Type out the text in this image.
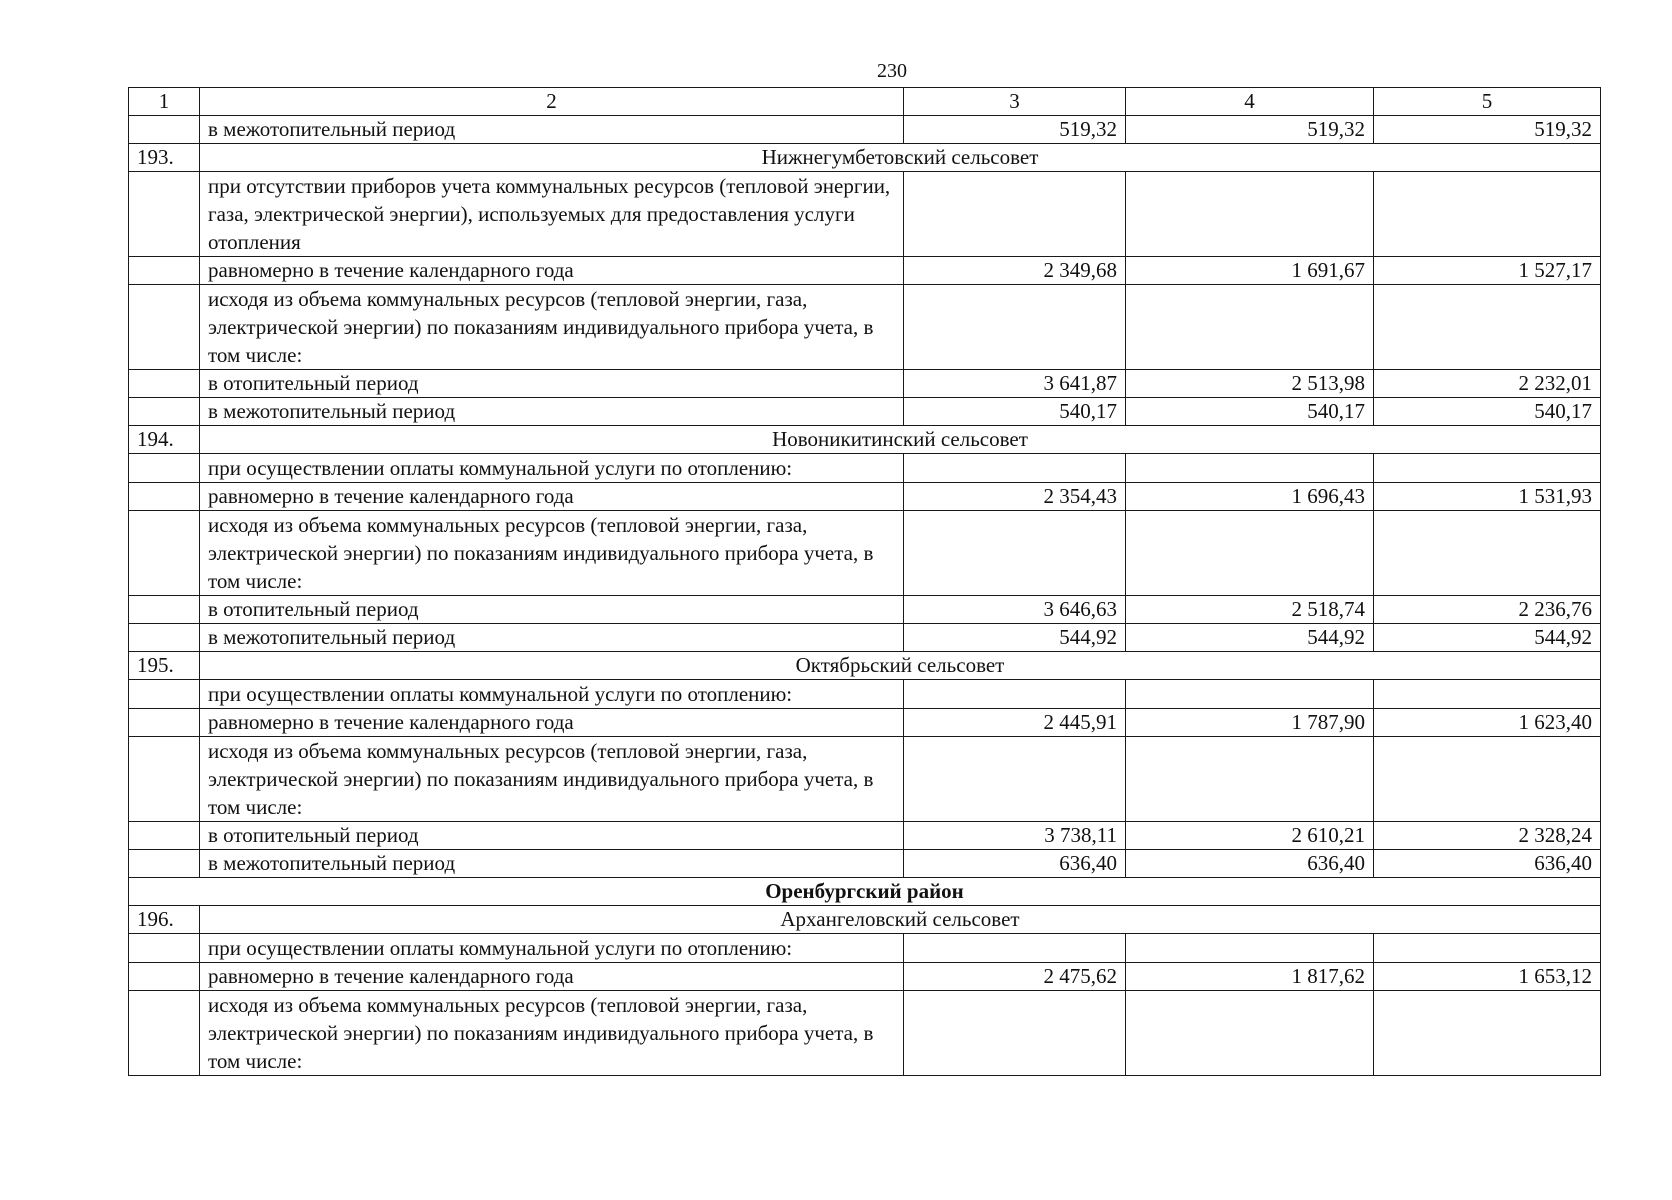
230
1	2	3	4	5
	в межотопительный период	519,32	519,32	519,32
193.	Нижнегумбетовский сельсовет			
	при отсутствии приборов учета коммунальных ресурсов (тепловой энергии, газа, электрической энергии), используемых для предоставления услуги отопления			
	равномерно в течение календарного года	2 349,68	1 691,67	1 527,17
	исходя из объема коммунальных ресурсов (тепловой энергии, газа, электрической энергии) по показаниям индивидуального прибора учета, в том числе:			
	в отопительный период	3 641,87	2 513,98	2 232,01
	в межотопительный период	540,17	540,17	540,17
194.	Новоникитинский сельсовет			
	при осуществлении оплаты коммунальной услуги по отоплению:			
	равномерно в течение календарного года	2 354,43	1 696,43	1 531,93
	исходя из объема коммунальных ресурсов (тепловой энергии, газа, электрической энергии) по показаниям индивидуального прибора учета, в том числе:			
	в отопительный период	3 646,63	2 518,74	2 236,76
	в межотопительный период	544,92	544,92	544,92
195.	Октябрьский сельсовет			
	при осуществлении оплаты коммунальной услуги по отоплению:			
	равномерно в течение календарного года	2 445,91	1 787,90	1 623,40
	исходя из объема коммунальных ресурсов (тепловой энергии, газа, электрической энергии) по показаниям индивидуального прибора учета, в том числе:			
	в отопительный период	3 738,11	2 610,21	2 328,24
	в межотопительный период	636,40	636,40	636,40
Оренбургский район				
196.	Архангеловский сельсовет			
	при осуществлении оплаты коммунальной услуги по отоплению:			
	равномерно в течение календарного года	2 475,62	1 817,62	1 653,12
	исходя из объема коммунальных ресурсов (тепловой энергии, газа, электрической энергии) по показаниям индивидуального прибора учета, в том числе:			
